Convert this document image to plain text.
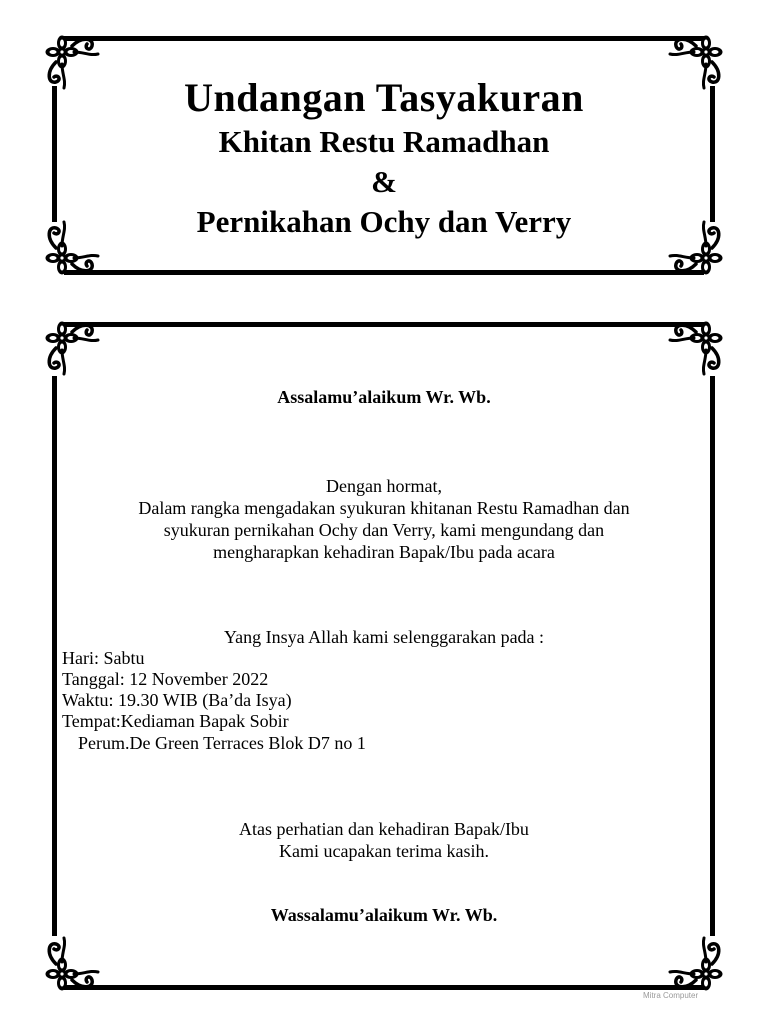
Undangan Tasyakuran
Khitan Restu Ramadhan
&
Pernikahan Ochy dan Verry
Assalamu’alaikum Wr. Wb.
Dengan hormat,
Dalam rangka mengadakan syukuran khitanan Restu Ramadhan dan
syukuran pernikahan Ochy dan Verry, kami mengundang dan
mengharapkan kehadiran Bapak/Ibu pada acara
Yang Insya Allah kami selenggarakan pada :
Hari: Sabtu
Tanggal: 12 November 2022
Waktu: 19.30 WIB (Ba’da Isya)
Tempat:Kediaman Bapak Sobir
Perum.De Green Terraces Blok D7 no 1
Atas perhatian dan kehadiran Bapak/Ibu
Kami ucapakan terima kasih.
Wassalamu’alaikum Wr. Wb.
Mitra Computer
